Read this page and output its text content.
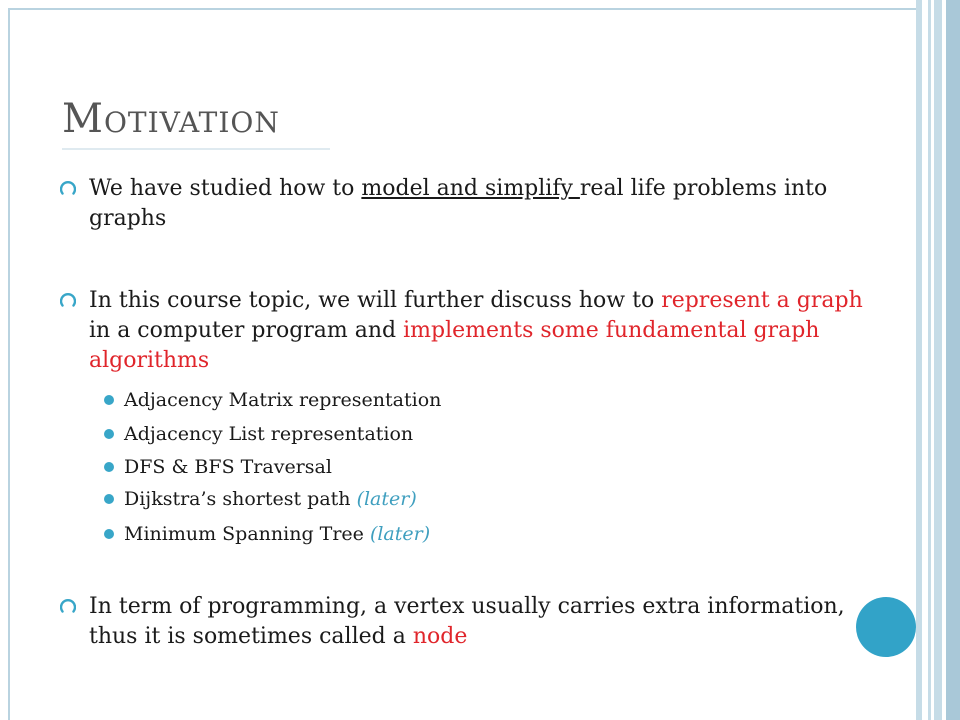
Motivation
We have studied how to model and simplify real life problems into graphs
In this course topic, we will further discuss how to represent a graph in a computer program and implements some fundamental graph algorithms
Adjacency Matrix representation
Adjacency List representation
DFS & BFS Traversal
Dijkstra’s shortest path (later)
Minimum Spanning Tree (later)
In term of programming, a vertex usually carries extra information, thus it is sometimes called a node
